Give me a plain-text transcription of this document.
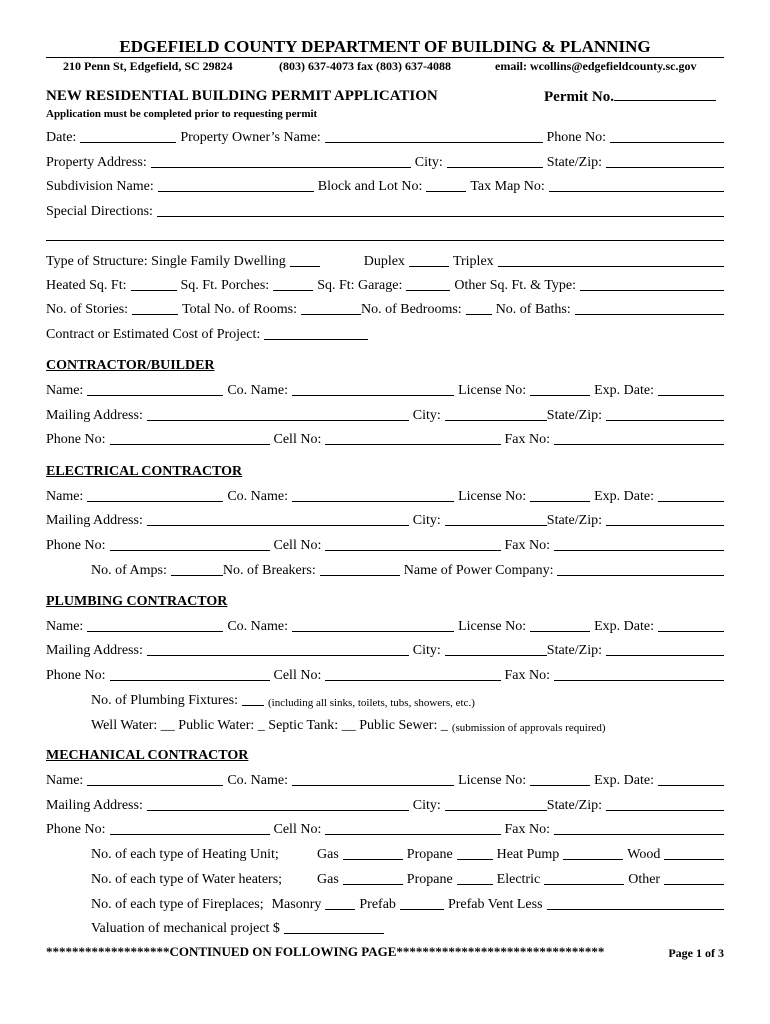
EDGEFIELD COUNTY DEPARTMENT OF BUILDING & PLANNING
210 Penn St, Edgefield, SC 29824	(803) 637-4073 fax (803) 637-4088	email: wcollins@edgefieldcounty.sc.gov
NEW RESIDENTIAL BUILDING PERMIT APPLICATION	Permit No.
Application must be completed prior to requesting permit
Date:	Property Owner’s Name:	Phone No:
Property Address:	City:	State/Zip:
Subdivision Name:	Block and Lot No:	Tax Map No:
Special Directions:
Type of Structure: Single Family Dwelling	Duplex	Triplex
Heated Sq. Ft:	Sq. Ft. Porches:	Sq. Ft: Garage:	Other Sq. Ft. & Type:
No. of Stories:	Total No. of Rooms:	No. of Bedrooms: No. of Baths:
Contract or Estimated Cost of Project:
CONTRACTOR/BUILDER
Name:	Co. Name:	License No:	Exp. Date:
Mailing Address:	City:	State/Zip:
Phone No:	Cell No:	Fax No:
ELECTRICAL CONTRACTOR
Name:	Co. Name:	License No:	Exp. Date:
Mailing Address:	City:	State/Zip:
Phone No:	Cell No:	Fax No:
No. of Amps:	No. of Breakers:	Name of Power Company:
PLUMBING CONTRACTOR
Name:	Co. Name:	License No:	Exp. Date:
Mailing Address:	City:	State/Zip:
Phone No:	Cell No:	Fax No:
No. of Plumbing Fixtures:	(including all sinks, toilets, tubs, showers, etc.)
Well Water: __ Public Water: _ Septic Tank: __ Public Sewer: _ (submission of approvals required)
MECHANICAL CONTRACTOR
Name:	Co. Name:	License No:	Exp. Date:
Mailing Address:	City:	State/Zip:
Phone No:	Cell No:	Fax No:
No. of each type of Heating Unit;	Gas	Propane	Heat Pump	Wood
No. of each type of Water heaters;	Gas	Propane	Electric	Other
No. of each type of Fireplaces; Masonry	Prefab	Prefab Vent Less
Valuation of mechanical project $
*******************CONTINUED ON FOLLOWING PAGE********************************	Page 1 of 3
